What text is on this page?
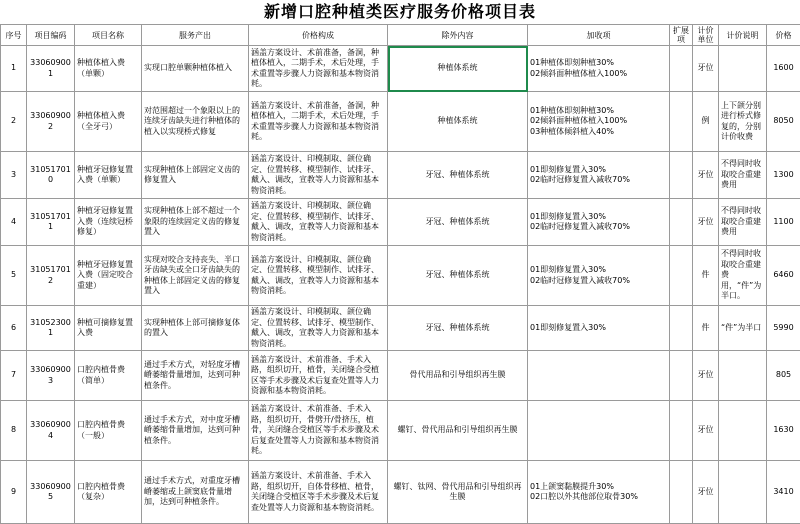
新增口腔种植类医疗服务价格项目表
序号	项目编码	项目名称	服务产出	价格构成	除外内容	加收项	扩展项	计价单位	计价说明	价格
1	330609001	种植体植入费（单颗）	实现口腔单颗种植体植入	涵盖方案设计、术前准备，备洞，种植体植入，二期手术，术后处理，手术重置等步骤人力资源和基本物资消耗。	种植体系统	01种植体即刻种植30%
02倾斜面种植体植入100%		牙位		1600
2	330609002	种植体植入费（全牙弓）	对范围超过一个象限以上的连续牙齿缺失进行种植体的植入以实现桥式修复	涵盖方案设计、术前准备，备洞，种植体植入，二期手术，术后处理，手术重置等步骤人力资源和基本物资消耗。	种植体系统	01种植体即刻种植30%
02倾斜面种植体植入100%
03种植体倾斜植入40%		例	上下颌分别进行桥式修复的，分别计价收费	8050
3	310517010	种植牙冠修复置入费（单颗）	实现种植体上部固定义齿的修复置入	涵盖方案设计、印模制取、颌位确定、位置转移、模型制作、试排牙、戴入、调改，宣教等人力资源和基本物资消耗。	牙冠、种植体系统	01即刻修复置入30%
02临时冠修复置入减收70%		牙位	不得同时收取咬合重建费用	1300
4	310517011	种植牙冠修复置入费（连续冠桥修复）	实现种植体上部不超过一个象限的连续固定义齿的修复置入	涵盖方案设计、印模制取、颌位确定、位置转移、模型制作、试排牙、戴入、调改，宣教等人力资源和基本物资消耗。	牙冠、种植体系统	01即刻修复置入30%
02临时冠修复置入减收70%		牙位	不得同时收取咬合重建费用	1100
5	310517012	种植牙冠修复置入费（固定咬合重建）	实现对咬合支持丧失、半口牙齿缺失或全口牙齿缺失的种植体上部固定义齿的修复置入	涵盖方案设计、印模制取、颌位确定、位置转移、模型制作、试排牙、戴入、调改，宣教等人力资源和基本物资消耗。	牙冠、种植体系统	01即刻修复置入30%
02临时冠修复置入减收70%		件	不得同时收取咬合重建费用，“件”为半口。	6460
6	310523001	种植可摘修复置入费	实现种植体上部可摘修复体的置入	涵盖方案设计、印模制取、颌位确定、位置转移、试排牙、模型制作、戴入、调改，宣教等人力资源和基本物资消耗。	牙冠、种植体系统	01即刻修复置入30%		件	“件”为半口	5990
7	330609003	口腔内植骨费（简单）	通过手术方式，对轻度牙槽嵴萎缩骨量增加，达到可种植条件。	涵盖方案设计、术前准备、手术入路，组织切开，植骨，关闭缝合受植区等手术步骤及术后复查处置等人力资源和基本物资消耗。	骨代用品和引导组织再生膜			牙位		805
8	330609004	口腔内植骨费（一般）	通过手术方式，对中度牙槽嵴萎缩骨量增加，达到可种植条件。	涵盖方案设计、术前准备、手术入路，组织切开，骨劈开/骨挤压，植骨，关闭缝合受植区等手术步骤及术后复查处置等人力资源和基本物资消耗。	螺钉、骨代用品和引导组织再生膜			牙位		1630
9	330609005	口腔内植骨费（复杂）	通过手术方式，对重度牙槽嵴萎缩或上颌窦底骨量增加，达到可种植条件。	涵盖方案设计、术前准备、手术入路，组织切开，自体骨移植、植骨，关闭缝合受植区等手术步骤及术后复查处置等人力资源和基本物资消耗。	螺钉、钛网、骨代用品和引导组织再生膜	01上颌窦黏膜提升30%
02口腔以外其他部位取骨30%		牙位		3410
